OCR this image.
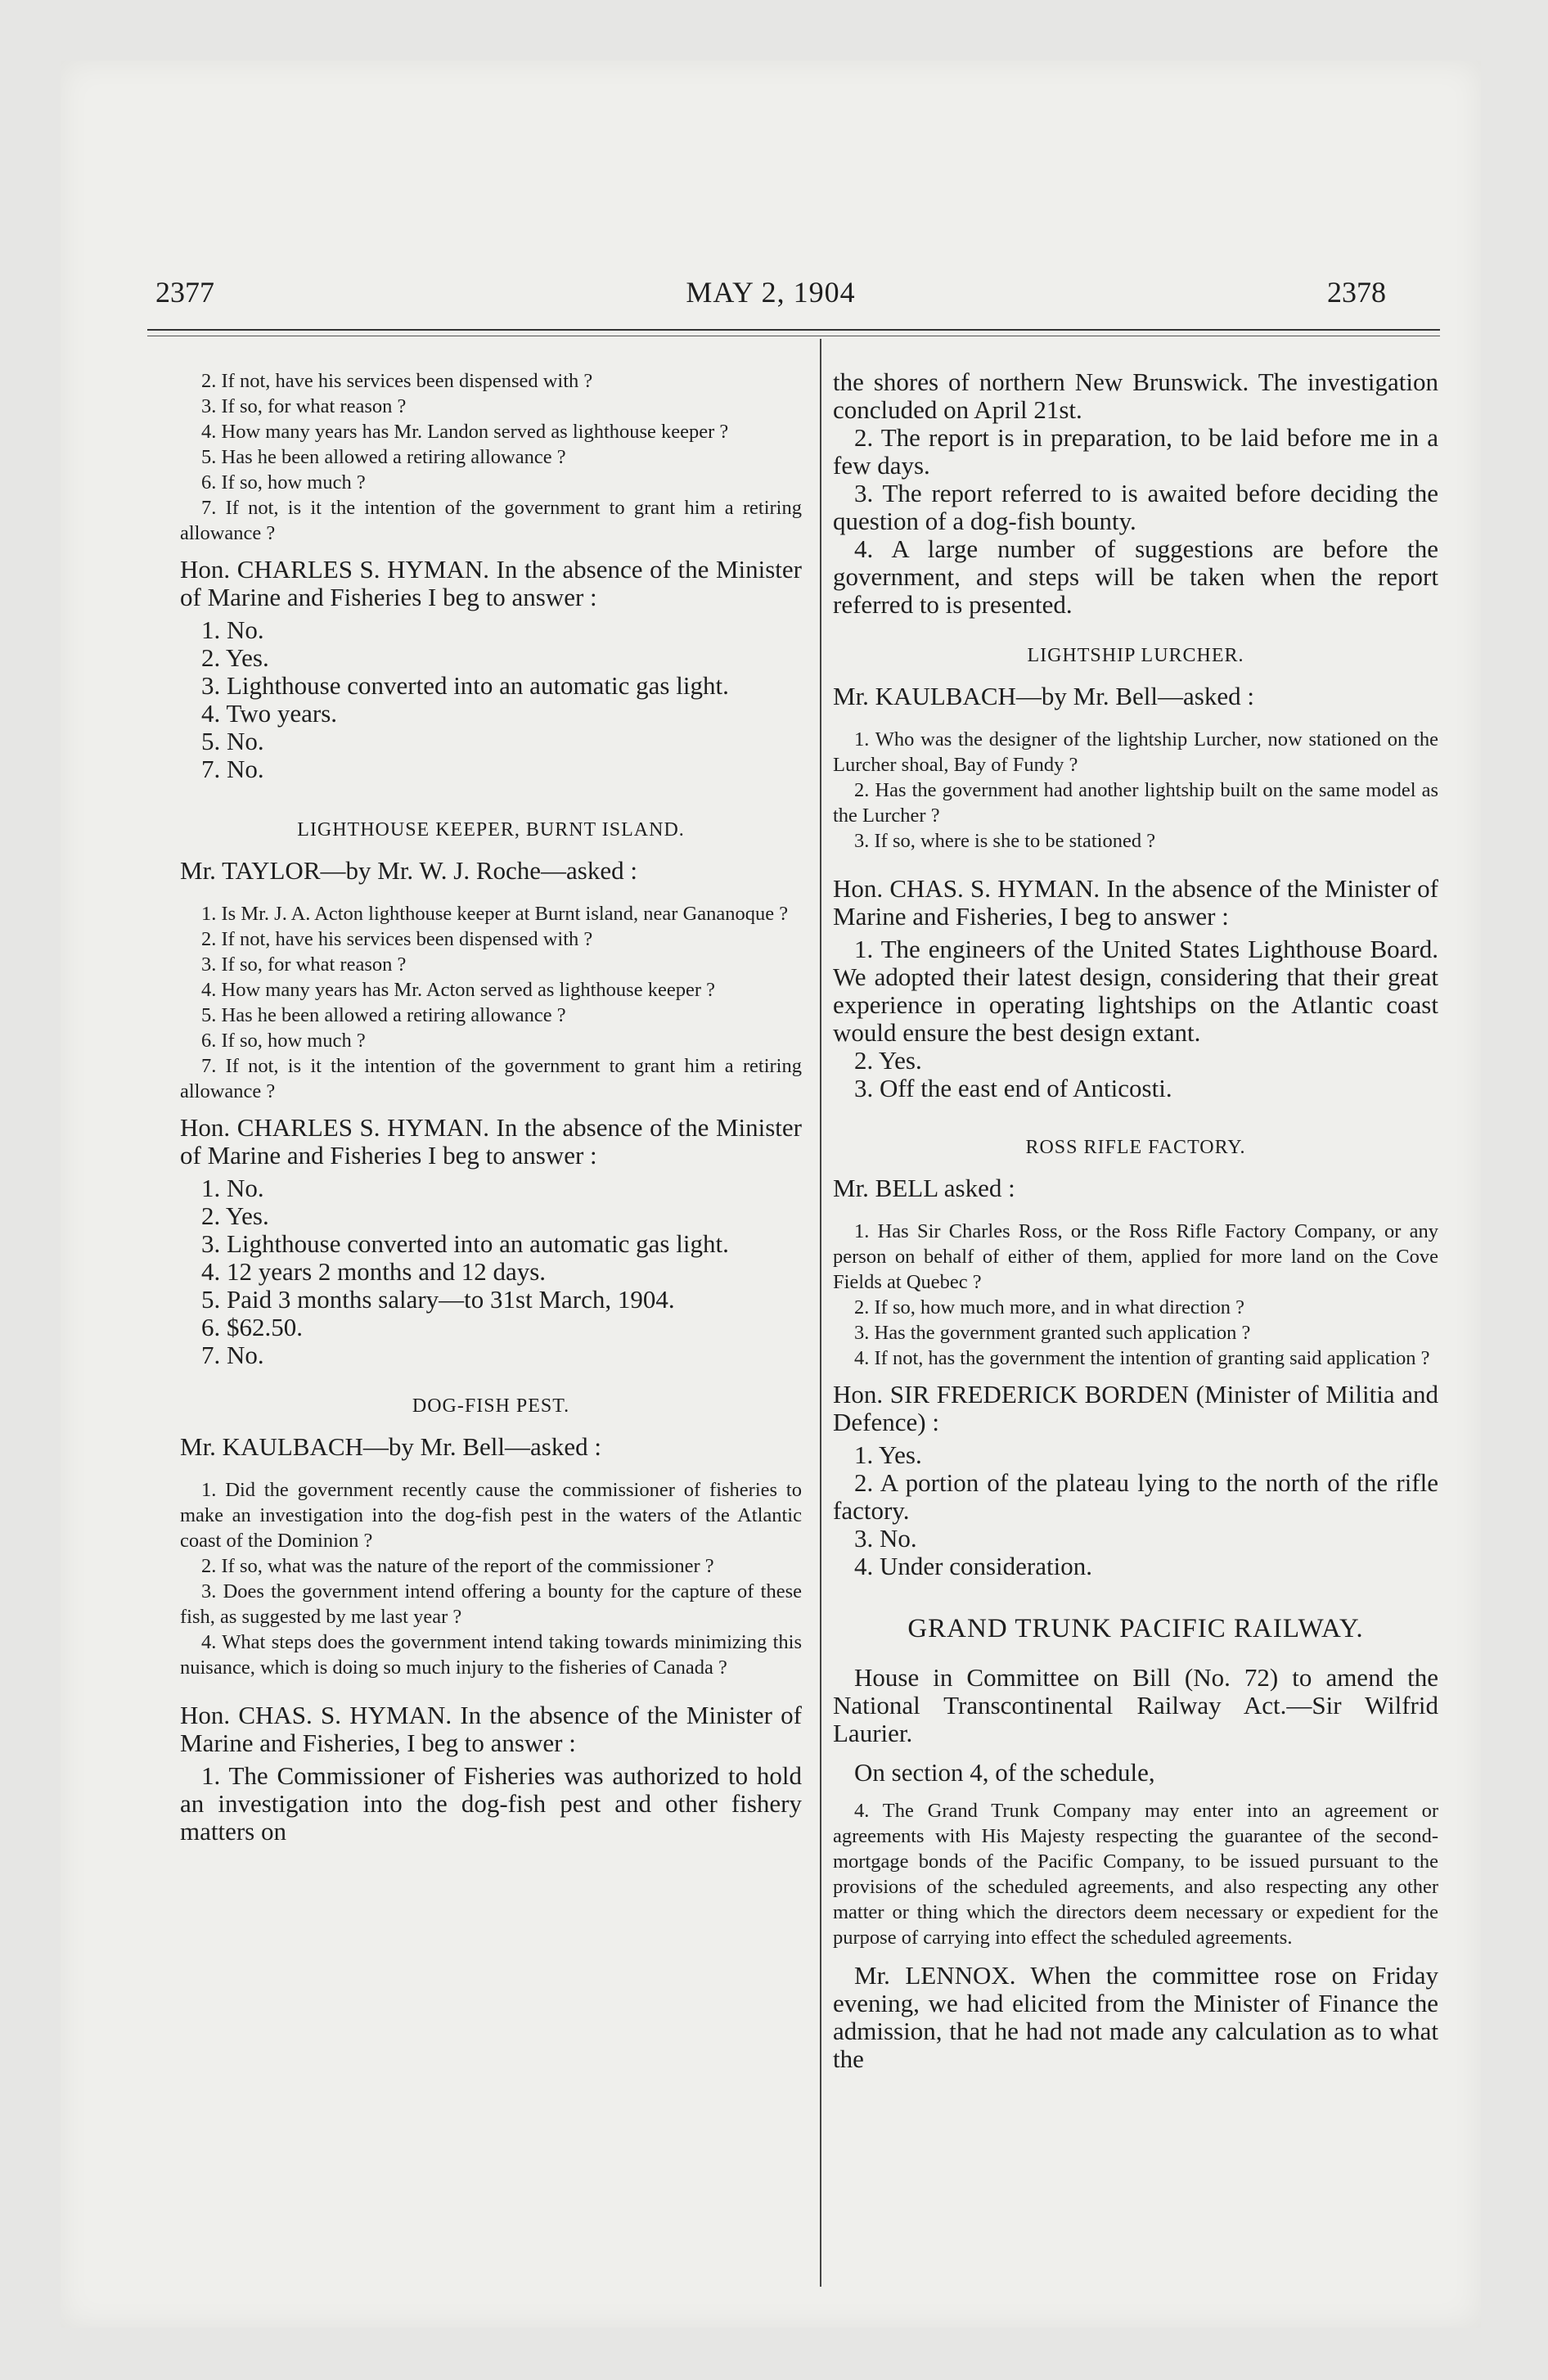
2377	MAY 2, 1904	2378

2. If not, have his services been dispensed with ?

3. If so, for what reason ?

4. How many years has Mr. Landon served as lighthouse keeper ?

5. Has he been allowed a retiring allowance ?

6. If so, how much ?

7. If not, is it the intention of the government to grant him a retiring allowance ?

Hon. CHARLES S. HYMAN. In the absence of the Minister of Marine and Fisheries I beg to answer :

1. No.

2. Yes.

3. Lighthouse converted into an automatic gas light.

4. Two years.

5. No.

7. No.

LIGHTHOUSE KEEPER, BURNT ISLAND.

Mr. TAYLOR—by Mr. W. J. Roche—asked :

1. Is Mr. J. A. Acton lighthouse keeper at Burnt island, near Gananoque ?

2. If not, have his services been dispensed with ?

3. If so, for what reason ?

4. How many years has Mr. Acton served as lighthouse keeper ?

5. Has he been allowed a retiring allowance ?

6. If so, how much ?

7. If not, is it the intention of the government to grant him a retiring allowance ?

Hon. CHARLES S. HYMAN. In the absence of the Minister of Marine and Fisheries I beg to answer :

1. No.

2. Yes.

3. Lighthouse converted into an automatic gas light.

4. 12 years 2 months and 12 days.

5. Paid 3 months salary—to 31st March, 1904.

6. $62.50.

7. No.

DOG-FISH PEST.

Mr. KAULBACH—by Mr. Bell—asked :

1. Did the government recently cause the commissioner of fisheries to make an investigation into the dog-fish pest in the waters of the Atlantic coast of the Dominion ?

2. If so, what was the nature of the report of the commissioner ?

3. Does the government intend offering a bounty for the capture of these fish, as suggested by me last year ?

4. What steps does the government intend taking towards minimizing this nuisance, which is doing so much injury to the fisheries of Canada ?

Hon. CHAS. S. HYMAN. In the absence of the Minister of Marine and Fisheries, I beg to answer :

1. The Commissioner of Fisheries was authorized to hold an investigation into the dog-fish pest and other fishery matters on

the shores of northern New Brunswick. The investigation concluded on April 21st.

2. The report is in preparation, to be laid before me in a few days.

3. The report referred to is awaited before deciding the question of a dog-fish bounty.

4. A large number of suggestions are before the government, and steps will be taken when the report referred to is presented.

LIGHTSHIP LURCHER.

Mr. KAULBACH—by Mr. Bell—asked :

1. Who was the designer of the lightship Lurcher, now stationed on the Lurcher shoal, Bay of Fundy ?

2. Has the government had another lightship built on the same model as the Lurcher ?

3. If so, where is she to be stationed ?

Hon. CHAS. S. HYMAN. In the absence of the Minister of Marine and Fisheries, I beg to answer :

1. The engineers of the United States Lighthouse Board. We adopted their latest design, considering that their great experience in operating lightships on the Atlantic coast would ensure the best design extant.

2. Yes.

3. Off the east end of Anticosti.

ROSS RIFLE FACTORY.

Mr. BELL asked :

1. Has Sir Charles Ross, or the Ross Rifle Factory Company, or any person on behalf of either of them, applied for more land on the Cove Fields at Quebec ?

2. If so, how much more, and in what direction ?

3. Has the government granted such application ?

4. If not, has the government the intention of granting said application ?

Hon. SIR FREDERICK BORDEN (Minister of Militia and Defence) :

1. Yes.

2. A portion of the plateau lying to the north of the rifle factory.

3. No.

4. Under consideration.

GRAND TRUNK PACIFIC RAILWAY.

House in Committee on Bill (No. 72) to amend the National Transcontinental Railway Act.—Sir Wilfrid Laurier.

On section 4, of the schedule,

4. The Grand Trunk Company may enter into an agreement or agreements with His Majesty respecting the guarantee of the second-mortgage bonds of the Pacific Company, to be issued pursuant to the provisions of the scheduled agreements, and also respecting any other matter or thing which the directors deem necessary or expedient for the purpose of carrying into effect the scheduled agreements.

Mr. LENNOX. When the committee rose on Friday evening, we had elicited from the Minister of Finance the admission, that he had not made any calculation as to what the
